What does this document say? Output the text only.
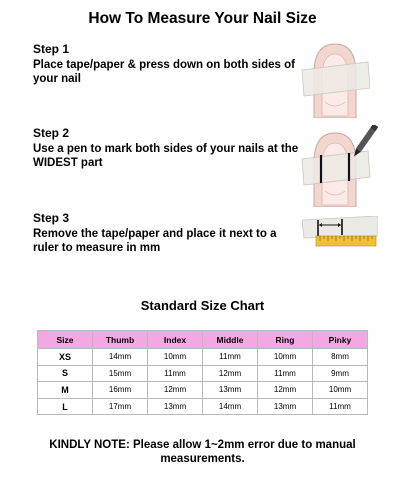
How To Measure Your Nail Size
Step 1

Place tape/paper & press down on both sides of your nail

Step 2

Use a pen to mark both sides of your nails at the WIDEST part

Step 3

Remove the tape/paper and place it next to a ruler to measure in mm

Standard Size Chart
Size	Thumb	Index	Middle	Ring	Pinky
XS	14mm	10mm	11mm	10mm	8mm
S	15mm	11mm	12mm	11mm	9mm
M	16mm	12mm	13mm	12mm	10mm
L	17mm	13mm	14mm	13mm	11mm
KINDLY NOTE: Please allow 1~2mm error due to manual measurements.
